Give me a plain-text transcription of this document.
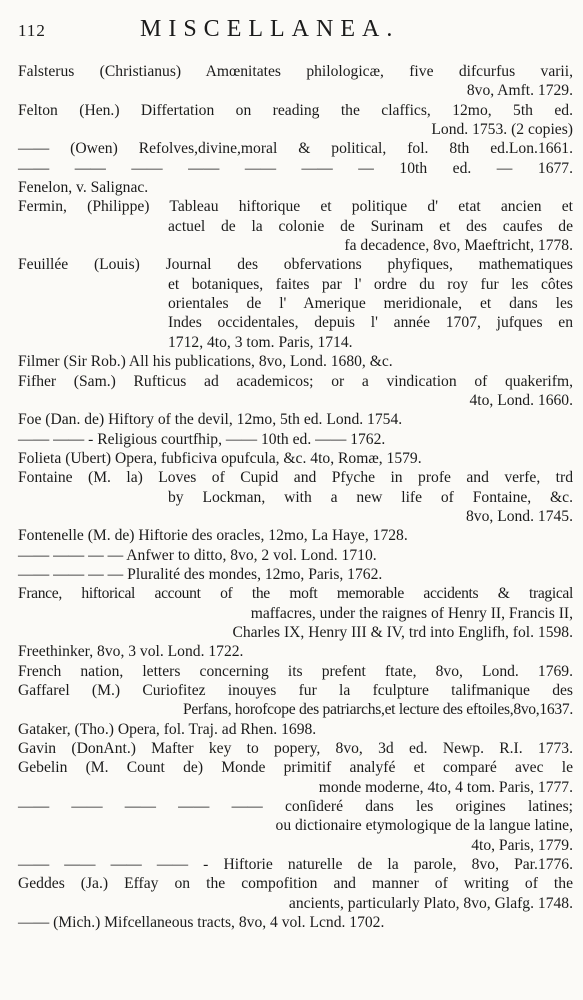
112	MISCELLANEA.
Falsterus (Christianus) Amœnitates philologicæ, five difcurfus varii,
8vo, Amft. 1729.
Felton (Hen.) Differtation on reading the claffics, 12mo, 5th ed.
Lond. 1753. (2 copies)
—— (Owen) Refolves,divine,moral & political, fol. 8th ed.Lon.1661.
—— —— —— —— —— —— — 10th ed. — 1677.
Fenelon, v. Salignac.
Fermin, (Philippe) Tableau hiftorique et politique d' etat ancien et
actuel de la colonie de Surinam et des caufes de
fa decadence, 8vo, Maeftricht, 1778.
Feuillée (Louis) Journal des obfervations phyfiques, mathematiques
et botaniques, faites par l' ordre du roy fur les côtes
orientales de l' Amerique meridionale, et dans les
Indes occidentales, depuis l' année 1707, jufques en
1712, 4to, 3 tom. Paris, 1714.
Filmer (Sir Rob.) All his publications, 8vo, Lond. 1680, &c.
Fifher (Sam.) Rufticus ad academicos; or a vindication of quakerifm,
4to, Lond. 1660.
Foe (Dan. de) Hiftory of the devil, 12mo, 5th ed. Lond. 1754.
—— —— - Religious courtfhip, —— 10th ed. —— 1762.
Folieta (Ubert) Opera, fubficiva opufcula, &c. 4to, Romæ, 1579.
Fontaine (M. la) Loves of Cupid and Pfyche in profe and verfe, trd
by Lockman, with a new life of Fontaine, &c.
8vo, Lond. 1745.
Fontenelle (M. de) Hiftorie des oracles, 12mo, La Haye, 1728.
—— —— — — Anfwer to ditto, 8vo, 2 vol. Lond. 1710.
—— —— — — Pluralité des mondes, 12mo, Paris, 1762.
France, hiftorical account of the moft memorable accidents & tragical
maffacres, under the raignes of Henry II, Francis II,
Charles IX, Henry III & IV, trd into Englifh, fol. 1598.
Freethinker, 8vo, 3 vol. Lond. 1722.
French nation, letters concerning its prefent ftate, 8vo, Lond. 1769.
Gaffarel (M.) Curiofitez inouyes fur la fculpture talifmanique des
Perfans, horofcope des patriarchs,et lecture des eftoiles,8vo,1637.
Gataker, (Tho.) Opera, fol. Traj. ad Rhen. 1698.
Gavin (DonAnt.) Mafter key to popery, 8vo, 3d ed. Newp. R.I. 1773.
Gebelin (M. Count de) Monde primitif analyfé et comparé avec le
monde moderne, 4to, 4 tom. Paris, 1777.
—— —— —— —— —— conſideré dans les origines latines;
ou dictionaire etymologique de la langue latine,
4to, Paris, 1779.
—— —— —— —— - Hiftorie naturelle de la parole, 8vo, Par.1776.
Geddes (Ja.) Effay on the compofition and manner of writing of the
ancients, particularly Plato, 8vo, Glafg. 1748.
—— (Mich.) Mifcellaneous tracts, 8vo, 4 vol. Lcnd. 1702.
